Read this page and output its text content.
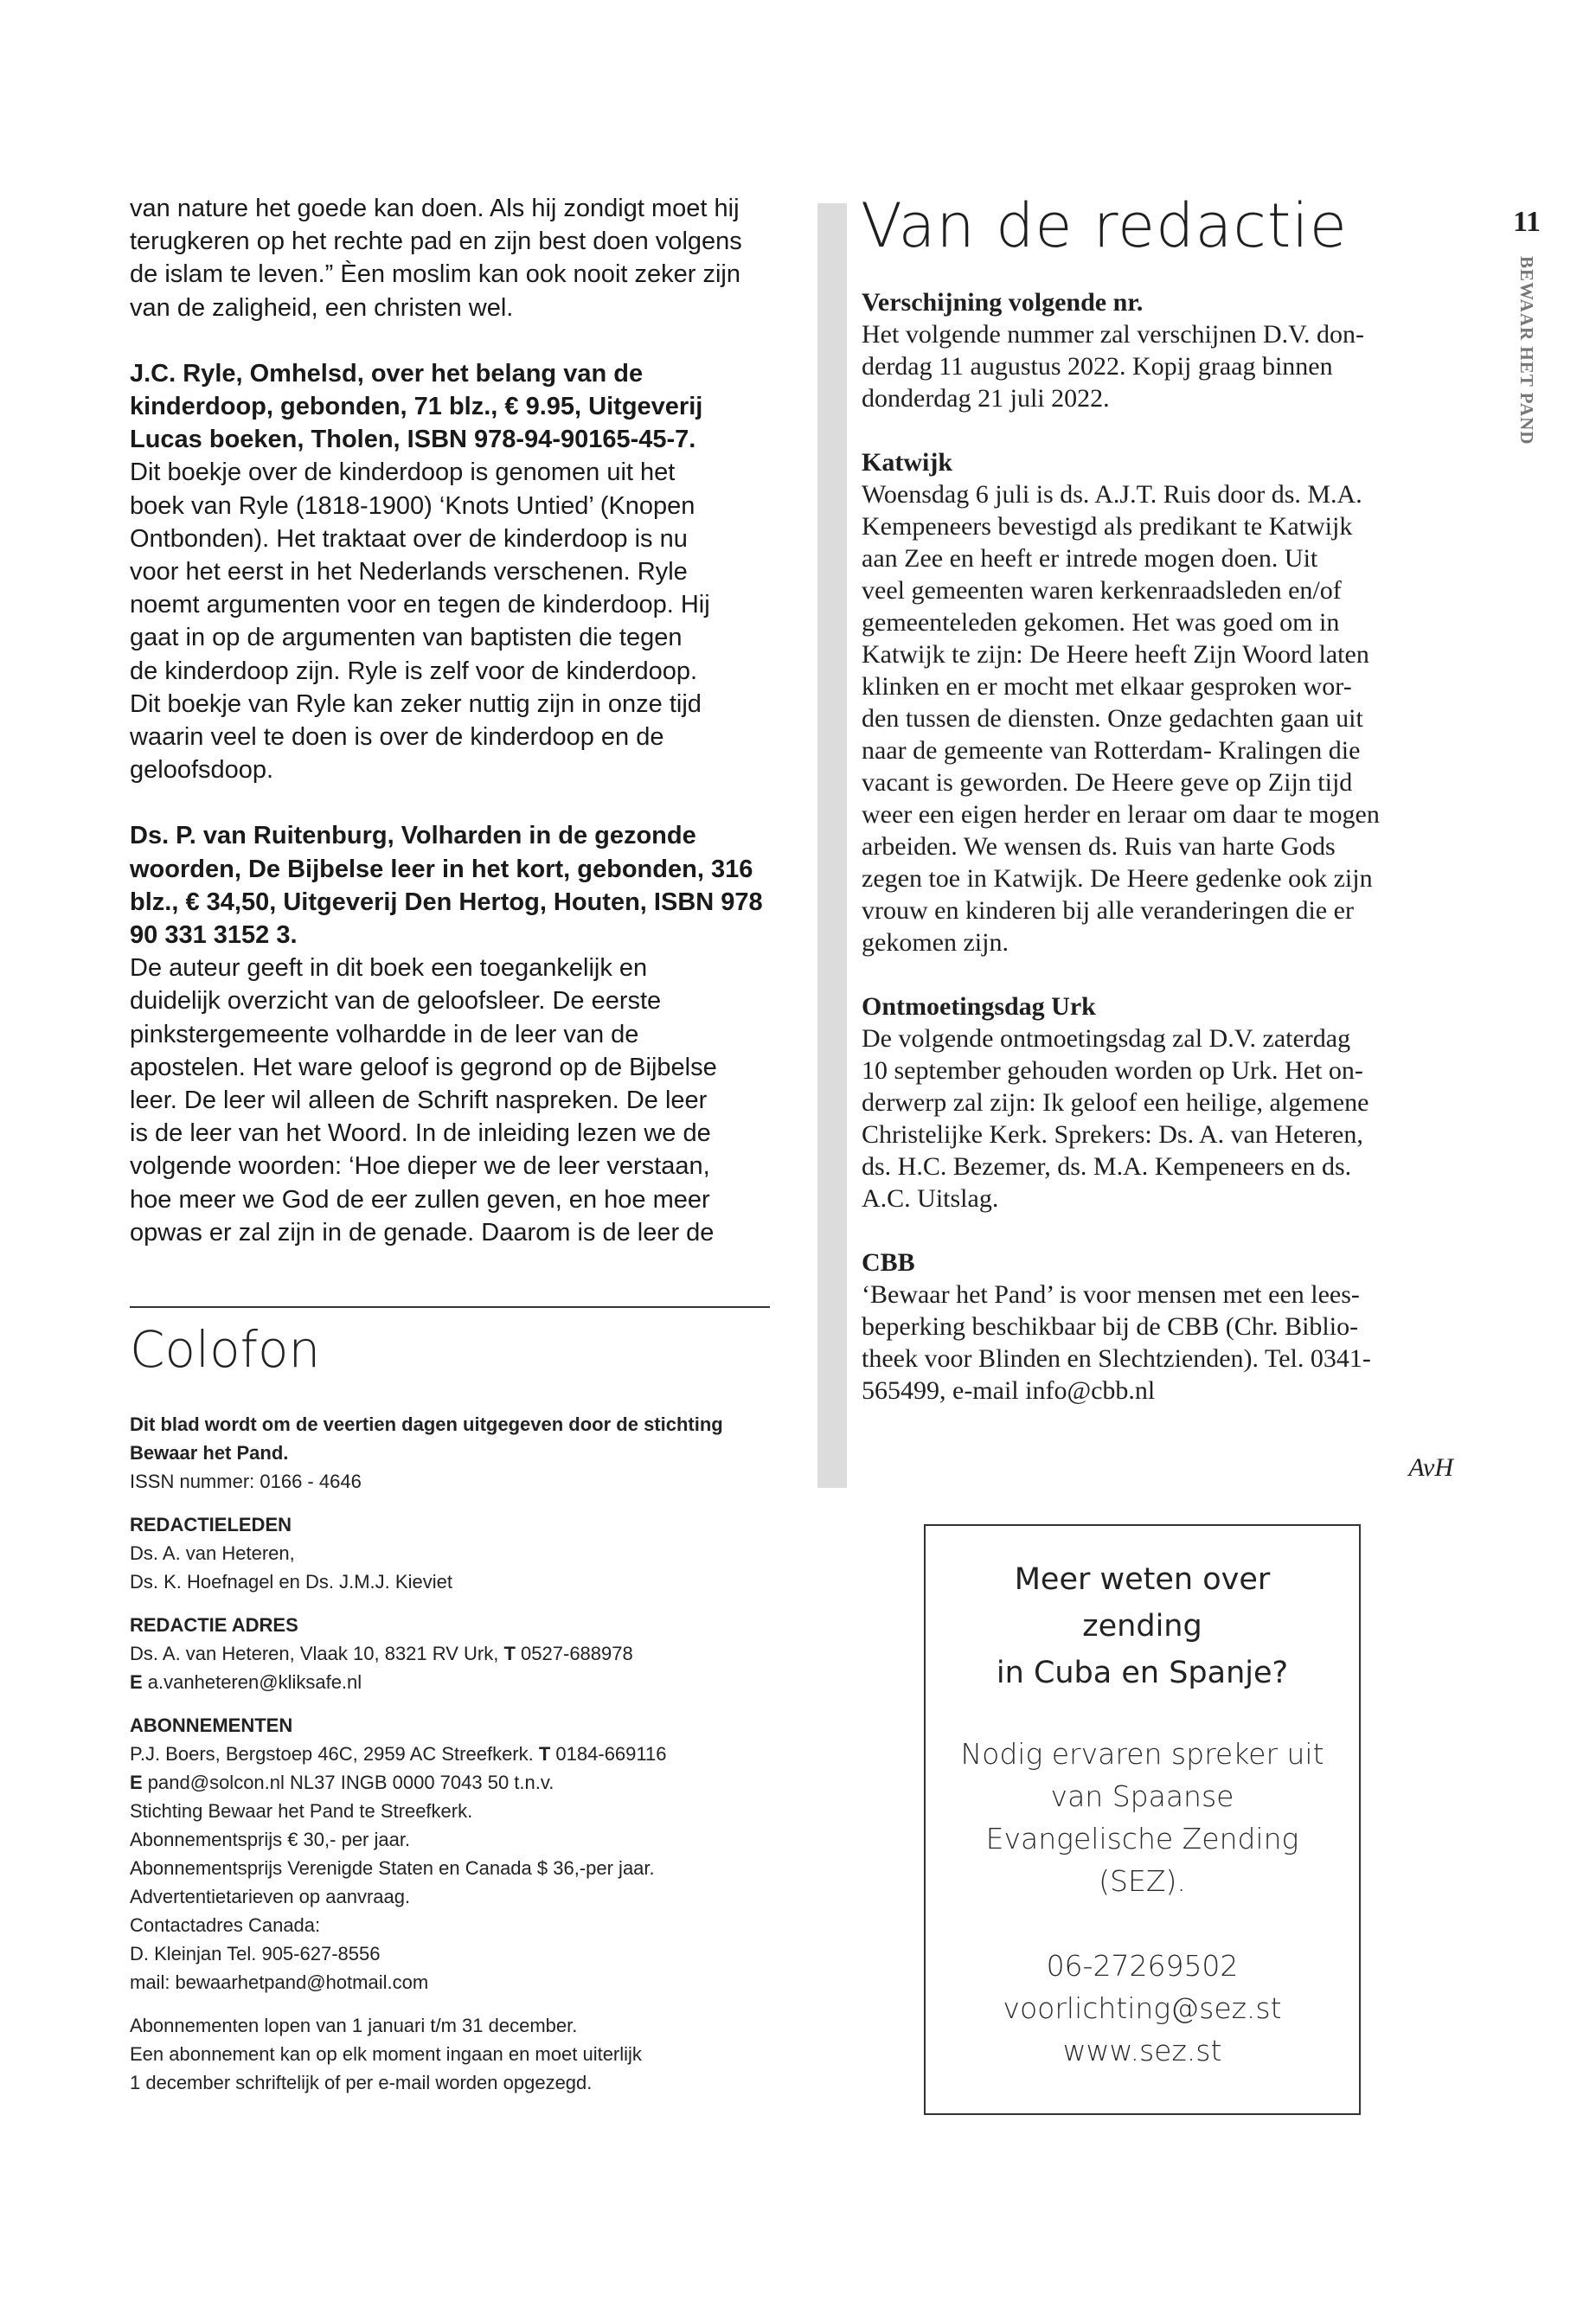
van nature het goede kan doen. Als hij zondigt moet hij
terugkeren op het rechte pad en zijn best doen volgens
de islam te leven.” Èen moslim kan ook nooit zeker zijn
van de zaligheid, een christen wel.

J.C. Ryle, Omhelsd, over het belang van de
kinderdoop, gebonden, 71 blz., € 9.95, Uitgeverij
Lucas boeken, Tholen, ISBN 978-94-90165-45-7.
Dit boekje over de kinderdoop is genomen uit het
boek van Ryle (1818-1900) ‘Knots Untied’ (Knopen
Ontbonden). Het traktaat over de kinderdoop is nu
voor het eerst in het Nederlands verschenen. Ryle
noemt argumenten voor en tegen de kinderdoop. Hij
gaat in op de argumenten van baptisten die tegen
de kinderdoop zijn. Ryle is zelf voor de kinderdoop.
Dit boekje van Ryle kan zeker nuttig zijn in onze tijd
waarin veel te doen is over de kinderdoop en de
geloofsdoop.

Ds. P. van Ruitenburg, Volharden in de gezonde
woorden, De Bijbelse leer in het kort, gebonden, 316
blz., € 34,50, Uitgeverij Den Hertog, Houten, ISBN 978
90 331 3152 3.
De auteur geeft in dit boek een toegankelijk en
duidelijk overzicht van de geloofsleer. De eerste
pinkstergemeente volhardde in de leer van de
apostelen. Het ware geloof is gegrond op de Bijbelse
leer. De leer wil alleen de Schrift naspreken. De leer
is de leer van het Woord. In de inleiding lezen we de
volgende woorden: ‘Hoe dieper we de leer verstaan,
hoe meer we God de eer zullen geven, en hoe meer
opwas er zal zijn in de genade. Daarom is de leer de

Colofon
Dit blad wordt om de veertien dagen uitgegeven door de stichting
Bewaar het Pand.
ISSN nummer: 0166 - 4646
REDACTIELEDEN
Ds. A. van Heteren,
Ds. K. Hoefnagel en Ds. J.M.J. Kieviet
REDACTIE ADRES
Ds. A. van Heteren, Vlaak 10, 8321 RV Urk, T 0527-688978
E a.vanheteren@kliksafe.nl
ABONNEMENTEN
P.J. Boers, Bergstoep 46C, 2959 AC Streefkerk. T 0184-669116
E pand@solcon.nl NL37 INGB 0000 7043 50 t.n.v.
Stichting Bewaar het Pand te Streefkerk.
Abonnementsprijs € 30,- per jaar.
Abonnementsprijs Verenigde Staten en Canada $ 36,-per jaar.
Advertentietarieven op aanvraag.
Contactadres Canada:
D. Kleinjan Tel. 905-627-8556
mail: bewaarhetpand@hotmail.com
Abonnementen lopen van 1 januari t/m 31 december.
Een abonnement kan op elk moment ingaan en moet uiterlijk
1 december schriftelijk of per e-mail worden opgezegd.
Van de redactie
Verschijning volgende nr.

Het volgende nummer zal verschijnen D.V. don-
derdag 11 augustus 2022. Kopij graag binnen
donderdag 21 juli 2022.

Katwijk

Woensdag 6 juli is ds. A.J.T. Ruis door ds. M.A.
Kempeneers bevestigd als predikant te Katwijk
aan Zee en heeft er intrede mogen doen. Uit
veel gemeenten waren kerkenraadsleden en/of
gemeenteleden gekomen. Het was goed om in
Katwijk te zijn: De Heere heeft Zijn Woord laten
klinken en er mocht met elkaar gesproken wor-
den tussen de diensten. Onze gedachten gaan uit
naar de gemeente van Rotterdam- Kralingen die
vacant is geworden. De Heere geve op Zijn tijd
weer een eigen herder en leraar om daar te mogen
arbeiden. We wensen ds. Ruis van harte Gods
zegen toe in Katwijk. De Heere gedenke ook zijn
vrouw en kinderen bij alle veranderingen die er
gekomen zijn.

Ontmoetingsdag Urk

De volgende ontmoetingsdag zal D.V. zaterdag
10 september gehouden worden op Urk. Het on-
derwerp zal zijn: Ik geloof een heilige, algemene
Christelijke Kerk. Sprekers: Ds. A. van Heteren,
ds. H.C. Bezemer, ds. M.A. Kempeneers en ds.
A.C. Uitslag.

CBB

‘Bewaar het Pand’ is voor mensen met een lees-
beperking beschikbaar bij de CBB (Chr. Biblio-
theek voor Blinden en Slechtzienden). Tel. 0341-
565499, e-mail info@cbb.nl

AvH
11
BEWAAR HET PAND
Meer weten over
zending
in Cuba en Spanje?
Nodig ervaren spreker uit
van Spaanse
Evangelische Zending
(SEZ).
06-27269502
voorlichting@sez.st
www.sez.st
